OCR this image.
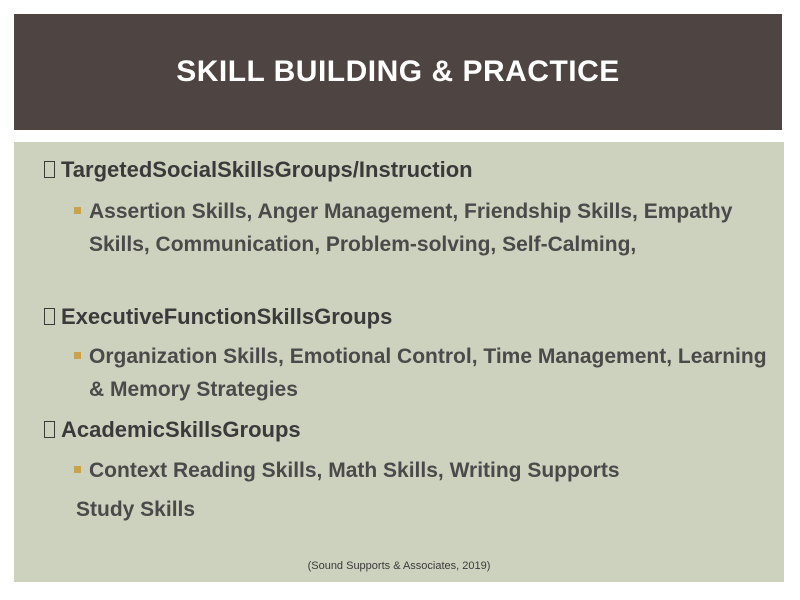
SKILL BUILDING & PRACTICE
TargetedSocialSkillsGroups/Instruction
Assertion Skills, Anger Management, Friendship Skills, Empathy Skills, Communication, Problem-solving, Self-Calming,
ExecutiveFunctionSkillsGroups
Organization Skills, Emotional Control, Time Management, Learning & Memory Strategies
AcademicSkillsGroups
Context Reading Skills, Math Skills, Writing Supports
Study Skills
(Sound Supports & Associates, 2019)
